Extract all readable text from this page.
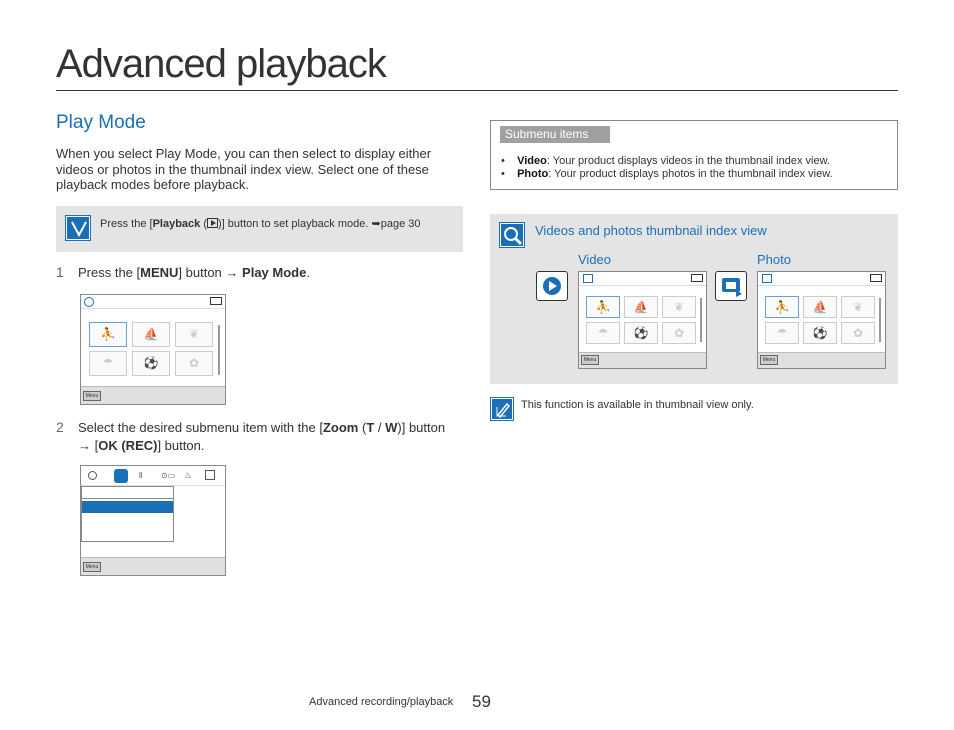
Advanced playback
Play Mode
When you select Play Mode, you can then select to display either videos or photos in the thumbnail index view. Select one of these playback modes before playback.
Press the [Playback ( )] button to set playback mode. ➥page 30
1 Press the [MENU] button → Play Mode.
⛹	⛵	❦
☂	⚽	✿
Menu
2 Select the desired submenu item with the [Zoom (T / W)] button
→ [OK (REC)] button.
ll ⊙▭ ♨
Menu
Submenu items
•    Video: Your product displays videos in the thumbnail index view.
•    Photo: Your product displays photos in the thumbnail index view.
Videos and photos thumbnail index view
Video	Photo
⛹	⛵	❦
☂	⚽	✿
Menu
⛹	⛵	❦
☂	⚽	✿
Menu
This function is available in thumbnail view only.
Advanced recording/playback 59
